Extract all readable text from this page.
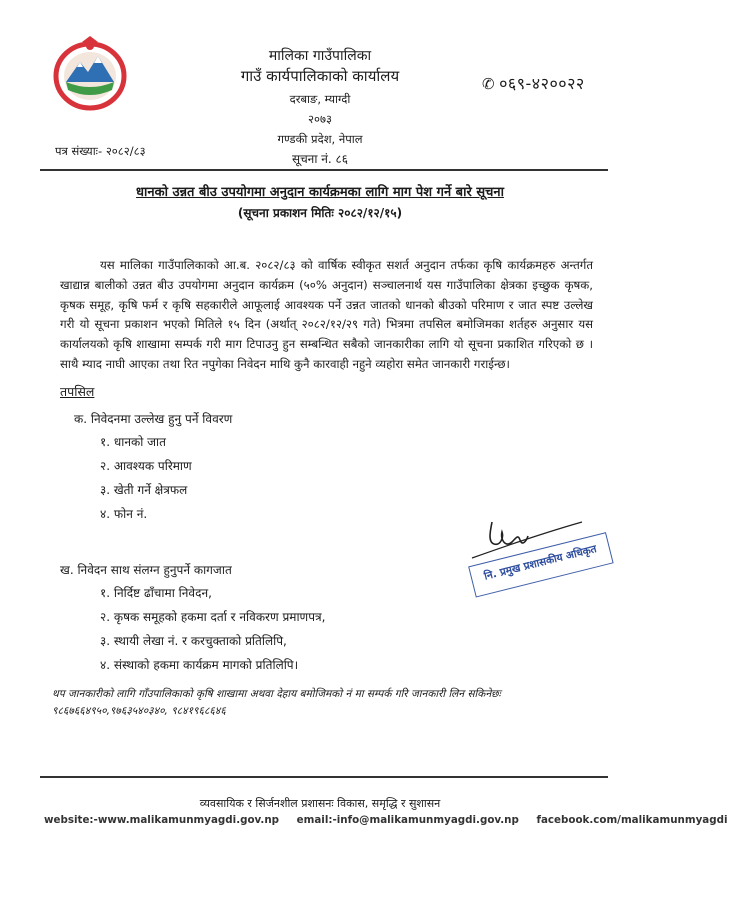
मालिका गाउँपालिका
गाउँ कार्यपालिकाको कार्यालय
दरबाङ, म्याग्दी
२०७३
गण्डकी प्रदेश, नेपाल
सूचना नं. ८६
✆ ०६९-४२००२२
पत्र संख्याः- २०८२/८३
धानको उन्नत बीउ उपयोगमा अनुदान कार्यक्रमका लागि माग पेश गर्ने बारे सूचना
(सूचना प्रकाशन मितिः २०८२/१२/१५)
यस मालिका गाउँपालिकाको आ.ब. २०८२/८३ को वार्षिक स्वीकृत सशर्त अनुदान तर्फका कृषि कार्यक्रमहरु अन्तर्गत खाद्यान्न बालीको उन्नत बीउ उपयोगमा अनुदान कार्यक्रम (५०% अनुदान) सञ्चालनार्थ यस गाउँपालिका क्षेत्रका इच्छुक कृषक, कृषक समूह, कृषि फर्म र कृषि सहकारीले आफूलाई आवश्यक पर्ने उन्नत जातको धानको बीउको परिमाण र जात स्पष्ट उल्लेख गरी यो सूचना प्रकाशन भएको मितिले १५ दिन (अर्थात् २०८२/१२/२९ गते) भित्रमा तपसिल बमोजिमका शर्तहरु अनुसार यस कार्यालयको कृषि शाखामा सम्पर्क गरी माग टिपाउनु हुन सम्बन्धित सबैको जानकारीका लागि यो सूचना प्रकाशित गरिएको छ । साथै म्याद नाघी आएका तथा रित नपुगेका निवेदन माथि कुनै कारवाही नहुने व्यहोरा समेत जानकारी गराईन्छ।
तपसिल
क. निवेदनमा उल्लेख हुनु पर्ने विवरण
१. धानको जात
२. आवश्यक परिमाण
३. खेती गर्ने क्षेत्रफल
४. फोन नं.
ख. निवेदन साथ संलग्न हुनुपर्ने कागजात
१. निर्दिष्ट ढाँचामा निवेदन,
२. कृषक समूहको हकमा दर्ता र नविकरण प्रमाणपत्र,
३. स्थायी लेखा नं. र करचुक्ताको प्रतिलिपि,
४. संस्थाको हकमा कार्यक्रम मागको प्रतिलिपि।
नि. प्रमुख प्रशासकीय अधिकृत
थप जानकारीको लागि गाँउपालिकाको कृषि शाखामा अथवा देहाय बमोजिमको नं मा सम्पर्क गरि जानकारी लिन सकिनेछः
९८६७६६४९५०,९७६३५४०३४०, ९८४१९६८६४६
व्यवसायिक र सिर्जनशील प्रशासनः विकास, समृद्धि र सुशासन
website:-www.malikamunmyagdi.gov.np email:-info@malikamunmyagdi.gov.np facebook.com/malikamunmyagdi
